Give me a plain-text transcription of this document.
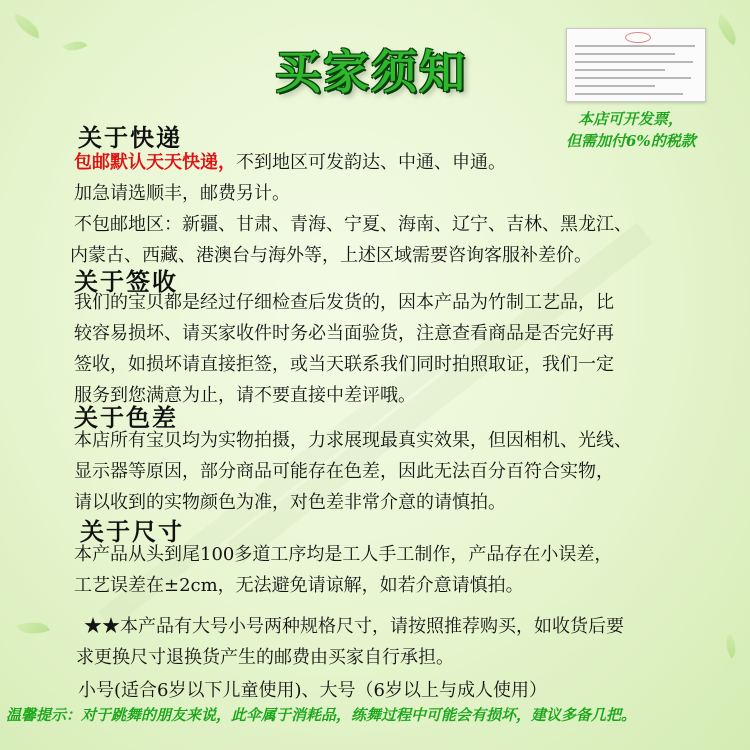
买家须知
本店可开发票，
但需加付6%的税款
关于快递
包邮默认天天快递，不到地区可发韵达、中通、申通。
加急请选顺丰，邮费另计。
不包邮地区：新疆、甘肃、青海、宁夏、海南、辽宁、吉林、黑龙江、
内蒙古、西藏、港澳台与海外等，上述区域需要咨询客服补差价。
关于签收
我们的宝贝都是经过仔细检查后发货的，因本产品为竹制工艺品，比
较容易损坏、请买家收件时务必当面验货，注意查看商品是否完好再
签收，如损坏请直接拒签，或当天联系我们同时拍照取证，我们一定
服务到您满意为止，请不要直接中差评哦。
关于色差
本店所有宝贝均为实物拍摄，力求展现最真实效果，但因相机、光线、
显示器等原因，部分商品可能存在色差，因此无法百分百符合实物，
请以收到的实物颜色为准，对色差非常介意的请慎拍。
关于尺寸
本产品从头到尾100多道工序均是工人手工制作，产品存在小误差，
工艺误差在±2cm，无法避免请谅解，如若介意请慎拍。
★★本产品有大号小号两种规格尺寸，请按照推荐购买，如收货后要
求更换尺寸退换货产生的邮费由买家自行承担。
小号(适合6岁以下儿童使用)、大号（6岁以上与成人使用）
温馨提示：对于跳舞的朋友来说，此伞属于消耗品，练舞过程中可能会有损坏，建议多备几把。
